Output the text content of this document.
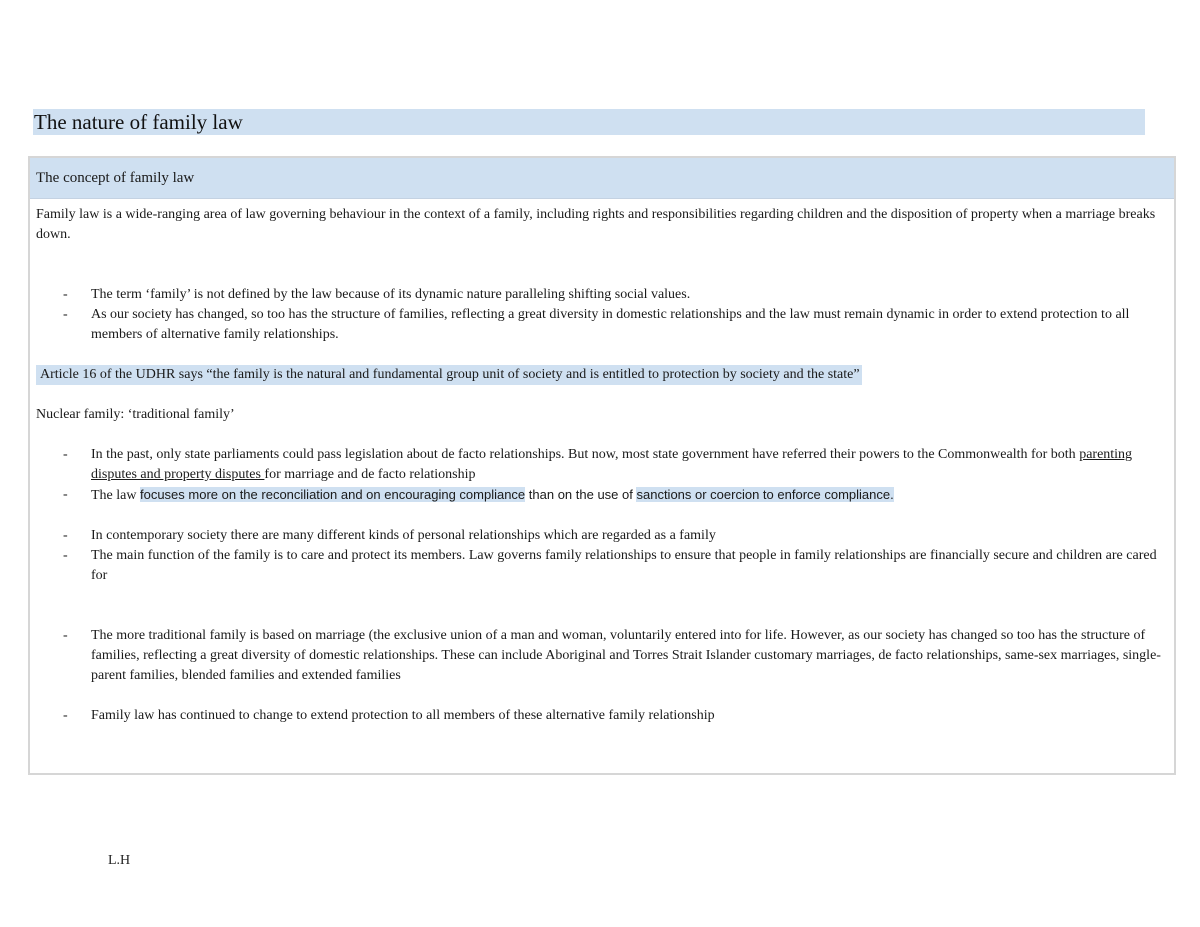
The nature of family law
The concept of family law

Family law is a wide-ranging area of law governing behaviour in the context of a family, including rights and responsibilities regarding children and the disposition of property when a marriage breaks down.

- The term ‘family’ is not defined by the law because of its dynamic nature paralleling shifting social values.
- As our society has changed, so too has the structure of families, reflecting a great diversity in domestic relationships and the law must remain dynamic in order to extend protection to all members of alternative family relationships.

Article 16 of the UDHR says “the family is the natural and fundamental group unit of society and is entitled to protection by society and the state”

Nuclear family: ‘traditional family’

- In the past, only state parliaments could pass legislation about de facto relationships. But now, most state government have referred their powers to the Commonwealth for both parenting disputes and property disputes for marriage and de facto relationship
- The law focuses more on the reconciliation and on encouraging compliance than on the use of sanctions or coercion to enforce compliance.
- In contemporary society there are many different kinds of personal relationships which are regarded as a family
- The main function of the family is to care and protect its members. Law governs family relationships to ensure that people in family relationships are financially secure and children are cared for
- The more traditional family is based on marriage (the exclusive union of a man and woman, voluntarily entered into for life. However, as our society has changed so too has the structure of families, reflecting a great diversity of domestic relationships. These can include Aboriginal and Torres Strait Islander customary marriages, de facto relationships, same-sex marriages, single-parent families, blended families and extended families
- Family law has continued to change to extend protection to all members of these alternative family relationship
L.H
